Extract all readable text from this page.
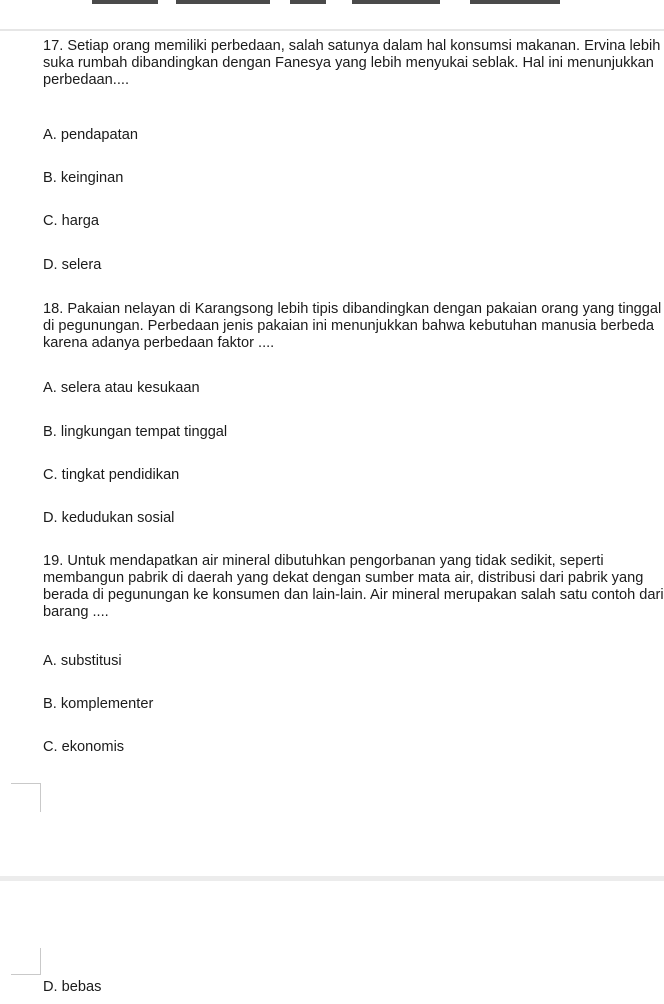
17. Setiap orang memiliki perbedaan, salah satunya dalam hal konsumsi makanan. Ervina lebih suka rumbah dibandingkan dengan Fanesya yang lebih menyukai seblak. Hal ini menunjukkan perbedaan....

A. pendapatan
B. keinginan
C. harga
D. selera

18. Pakaian nelayan di Karangsong lebih tipis dibandingkan dengan pakaian orang yang tinggal di pegunungan. Perbedaan jenis pakaian ini menunjukkan bahwa kebutuhan manusia berbeda karena adanya perbedaan faktor ....

A. selera atau kesukaan
B. lingkungan tempat tinggal
C. tingkat pendidikan
D. kedudukan sosial

19. Untuk mendapatkan air mineral dibutuhkan pengorbanan yang tidak sedikit, seperti membangun pabrik di daerah yang dekat dengan sumber mata air, distribusi dari pabrik yang berada di pegunungan ke konsumen dan lain-lain. Air mineral merupakan salah satu contoh dari barang ....

A. substitusi
B. komplementer
C. ekonomis
D. bebas
